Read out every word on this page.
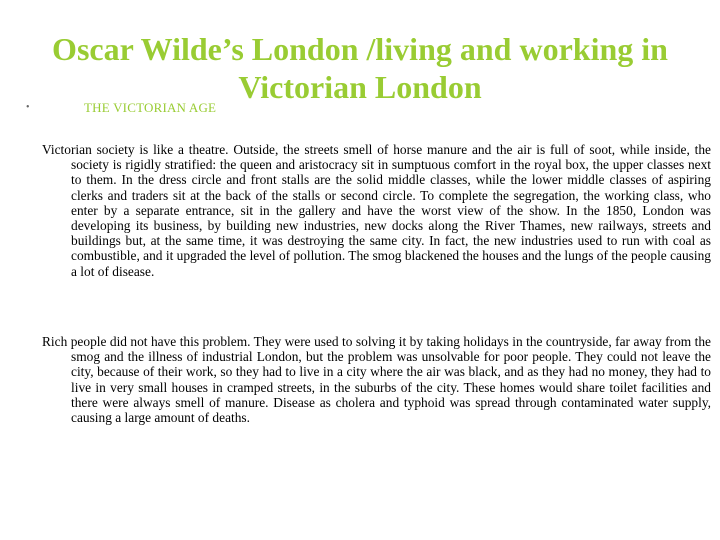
Oscar Wilde’s London /living and working in Victorian London
•	THE VICTORIAN AGE

Victorian society is like a theatre. Outside, the streets smell of horse manure and the air is full of soot, while inside, the society is rigidly stratified: the queen and aristocracy sit in sumptuous comfort in the royal box, the upper classes next to them. In the dress circle and front stalls are the solid middle classes, while the lower middle classes of aspiring clerks and traders sit at the back of the stalls or second circle. To complete the segregation, the working class, who enter by a separate entrance, sit in the gallery and have the worst view of the show. In the 1850, London was developing its business, by building new industries, new docks along the River Thames, new railways, streets and buildings but, at the same time, it was destroying the same city. In fact, the new industries used to run with coal as combustible, and it upgraded the level of pollution. The smog blackened the houses and the lungs of the people causing a lot of disease.

Rich people did not have this problem. They were used to solving it by taking holidays in the countryside, far away from the smog and the illness of industrial London, but the problem was unsolvable for poor people. They could not leave the city, because of their work, so they had to live in a city where the air was black, and as they had no money, they had to live in very small houses in cramped streets, in the suburbs of the city. These homes would share toilet facilities and there were always smell of manure. Disease as cholera and typhoid was spread through contaminated water supply, causing a large amount of deaths.
